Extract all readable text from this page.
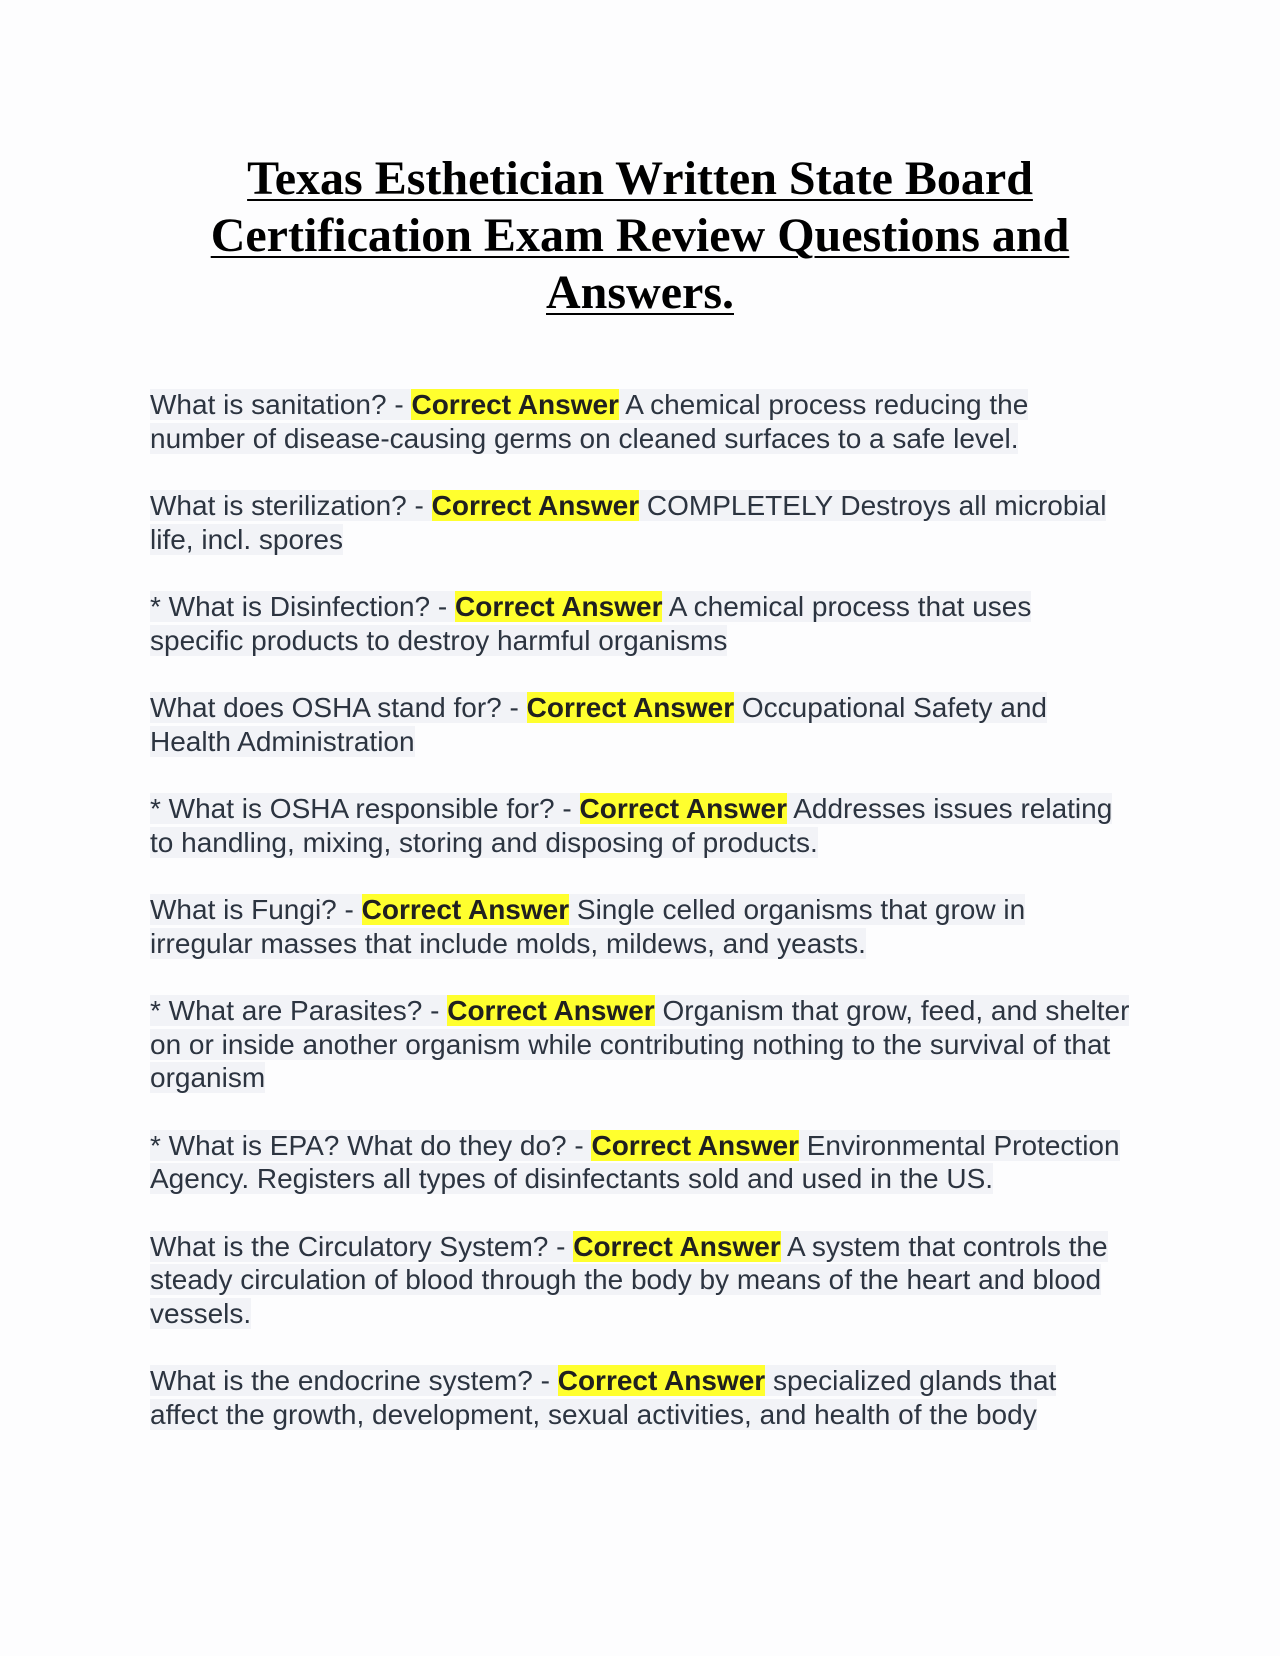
Texas Esthetician Written State Board Certification Exam Review Questions and Answers.

What is sanitation? - Correct Answer A chemical process reducing the number of disease-causing germs on cleaned surfaces to a safe level.

What is sterilization? - Correct Answer COMPLETELY Destroys all microbial life, incl. spores

* What is Disinfection? - Correct Answer A chemical process that uses specific products to destroy harmful organisms

What does OSHA stand for? - Correct Answer Occupational Safety and Health Administration

* What is OSHA responsible for? - Correct Answer Addresses issues relating to handling, mixing, storing and disposing of products.

What is Fungi? - Correct Answer Single celled organisms that grow in irregular masses that include molds, mildews, and yeasts.

* What are Parasites? - Correct Answer Organism that grow, feed, and shelter on or inside another organism while contributing nothing to the survival of that organism

* What is EPA? What do they do? - Correct Answer Environmental Protection Agency. Registers all types of disinfectants sold and used in the US.

What is the Circulatory System? - Correct Answer A system that controls the steady circulation of blood through the body by means of the heart and blood vessels.

What is the endocrine system? - Correct Answer specialized glands that affect the growth, development, sexual activities, and health of the body
